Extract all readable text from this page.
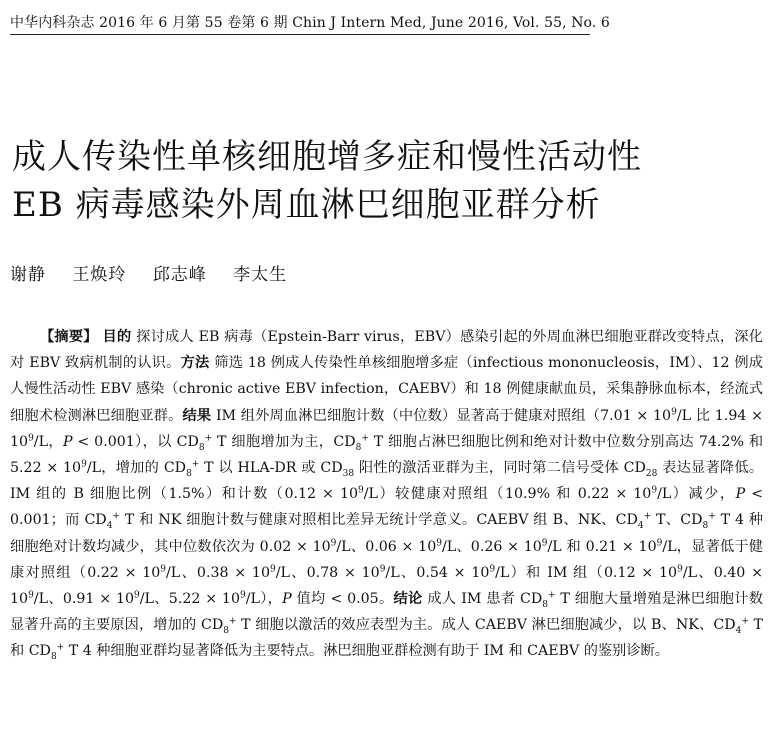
中华内科杂志 2016 年 6 月第 55 卷第 6 期 Chin J Intern Med, June 2016, Vol. 55, No. 6
成人传染性单核细胞增多症和慢性活动性
EB 病毒感染外周血淋巴细胞亚群分析
谢静 王焕玲 邱志峰 李太生

【摘要】 目的 探讨成人 EB 病毒（Epstein-Barr virus，EBV）感染引起的外周血淋巴细胞亚群改变特点，深化对 EBV 致病机制的认识。方法 筛选 18 例成人传染性单核细胞增多症（infectious mononucleosis，IM）、12 例成人慢性活动性 EBV 感染（chronic active EBV infection，CAEBV）和 18 例健康献血员，采集静脉血标本，经流式细胞术检测淋巴细胞亚群。结果 IM 组外周血淋巴细胞计数（中位数）显著高于健康对照组（$7.01 \times 10^9/L$ 比 $1.94 \times 10^9/L$，P < 0.001），以 $CD_8^+$ T 细胞增加为主，$CD_8^+$ T 细胞占淋巴细胞比例和绝对计数中位数分别高达 74.2% 和 $5.22 \times 10^9/L$，增加的 $CD_8^+$ T 以 HLA-DR 或 $CD_{38}$ 阳性的激活亚群为主，同时第二信号受体 $CD_{28}$ 表达显著降低。IM 组的 B 细胞比例（1.5%）和计数$(0.12 \times 10^9/L)$较健康对照组（10.9% 和 $0.22 \times 10^9/L$）减少，P < 0.001；而 $CD_4^+$ T 和 NK 细胞计数与健康对照相比差异无统计学意义。CAEBV 组 B、NK、$CD_4^+$ T、$CD_8^+$ T 4 种细胞绝对计数均减少，其中位数依次为 $0.02 \times 10^9/L$、$0.06 \times 10^9/L$、$0.26 \times 10^9/L$ 和 $0.21 \times 10^9/L$，显著低于健康对照组（$0.22 \times 10^9/L$、$0.38 \times 10^9/L$、$0.78 \times 10^9/L$、$0.54 \times 10^9/L$）和 IM 组（$0.12 \times 10^9/L$、$0.40 \times 10^9/L$、$0.91 \times 10^9/L$、$5.22 \times 10^9/L$），P 值均 < 0.05。结论 成人 IM 患者 $CD_8^+$ T 细胞大量增殖是淋巴细胞计数显著升高的主要原因，增加的 $CD_8^+$ T 细胞以激活的效应表型为主。成人 CAEBV 淋巴细胞减少，以 B、NK、$CD_4^+$ T 和 $CD_8^+$ T 4 种细胞亚群均显著降低为主要特点。淋巴细胞亚群检测有助于 IM 和 CAEBV 的鉴别诊断。
